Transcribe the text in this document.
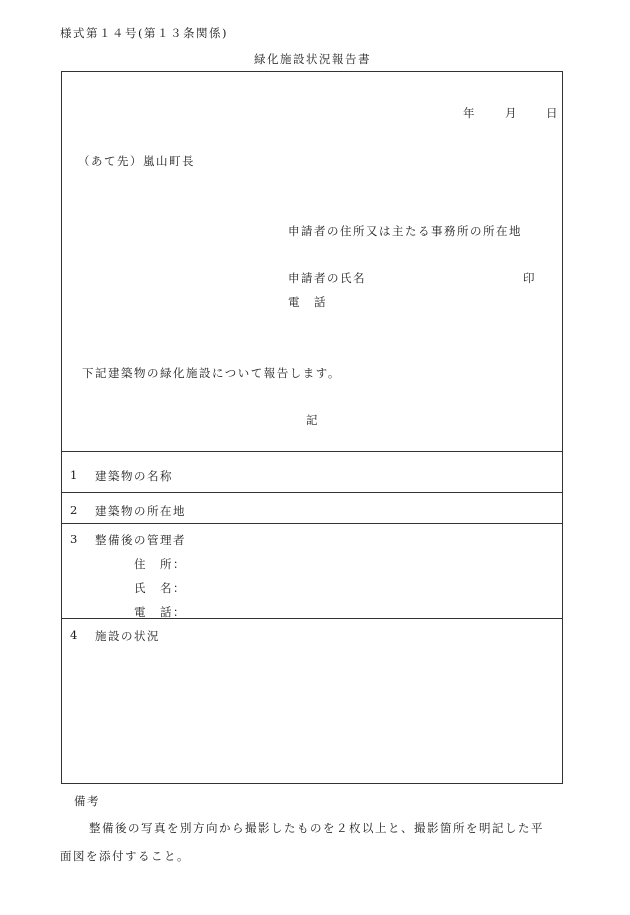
様式第１４号(第１３条関係)
緑化施設状況報告書
年	月	日
（あて先）嵐山町長
申請者の住所又は主たる事務所の所在地
申請者の氏名	印
電　話
下記建築物の緑化施設について報告します。
記
1 建築物の名称
2 建築物の所在地
3 整備後の管理者
住　所：
氏　名：
電　話：
4 施設の状況
備考
整備後の写真を別方向から撮影したものを２枚以上と、撮影箇所を明記した平
面図を添付すること。
